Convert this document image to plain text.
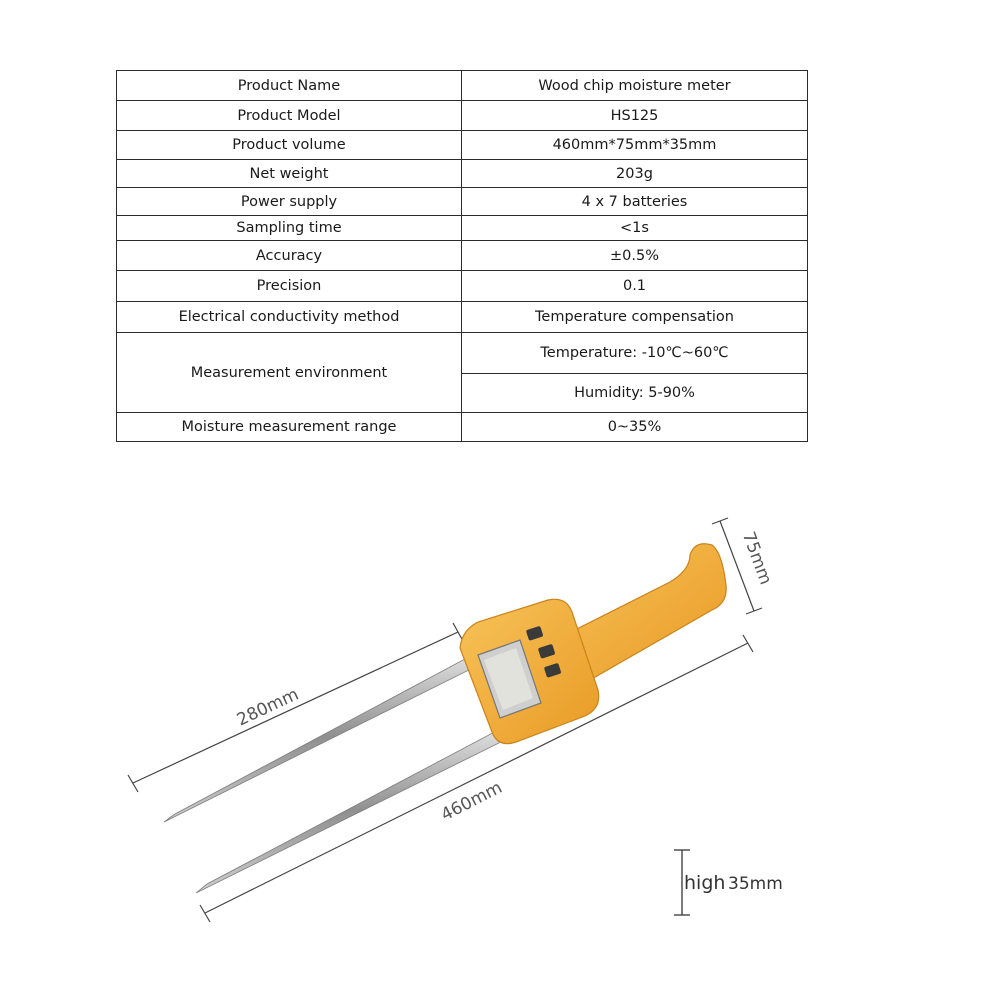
Product Name	Wood chip moisture meter
Product Model	HS125
Product volume	460mm*75mm*35mm
Net weight	203g
Power supply	4 x 7 batteries
Sampling time	<1s
Accuracy	±0.5%
Precision	0.1
Electrical conductivity method	Temperature compensation
Measurement environment	Temperature: -10℃~60℃
	Humidity: 5-90%
Moisture measurement range	0~35%
280mm
460mm
75mm
high 35mm
